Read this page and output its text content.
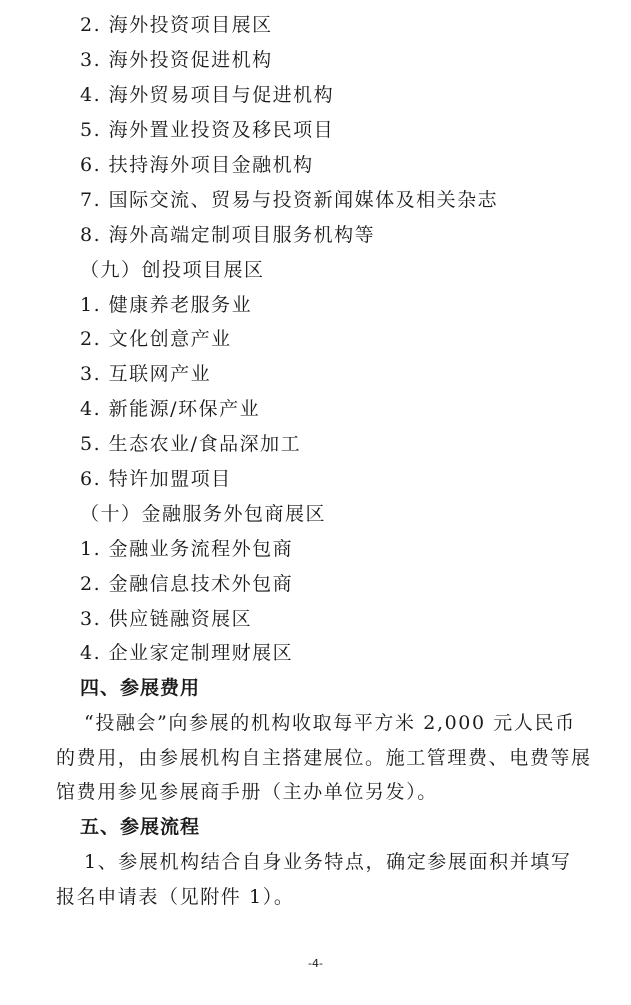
2. 海外投资项目展区
3. 海外投资促进机构
4. 海外贸易项目与促进机构
5. 海外置业投资及移民项目
6. 扶持海外项目金融机构
7. 国际交流、贸易与投资新闻媒体及相关杂志
8. 海外高端定制项目服务机构等
（九）创投项目展区
1. 健康养老服务业
2. 文化创意产业
3. 互联网产业
4. 新能源/环保产业
5. 生态农业/食品深加工
6. 特许加盟项目
（十）金融服务外包商展区
1. 金融业务流程外包商
2. 金融信息技术外包商
3. 供应链融资展区
4. 企业家定制理财展区
四、参展费用
“投融会”向参展的机构收取每平方米 2,000 元人民币
的费用，由参展机构自主搭建展位。施工管理费、电费等展
馆费用参见参展商手册（主办单位另发）。
五、参展流程
1、参展机构结合自身业务特点，确定参展面积并填写
报名申请表（见附件 1）。
-4-
